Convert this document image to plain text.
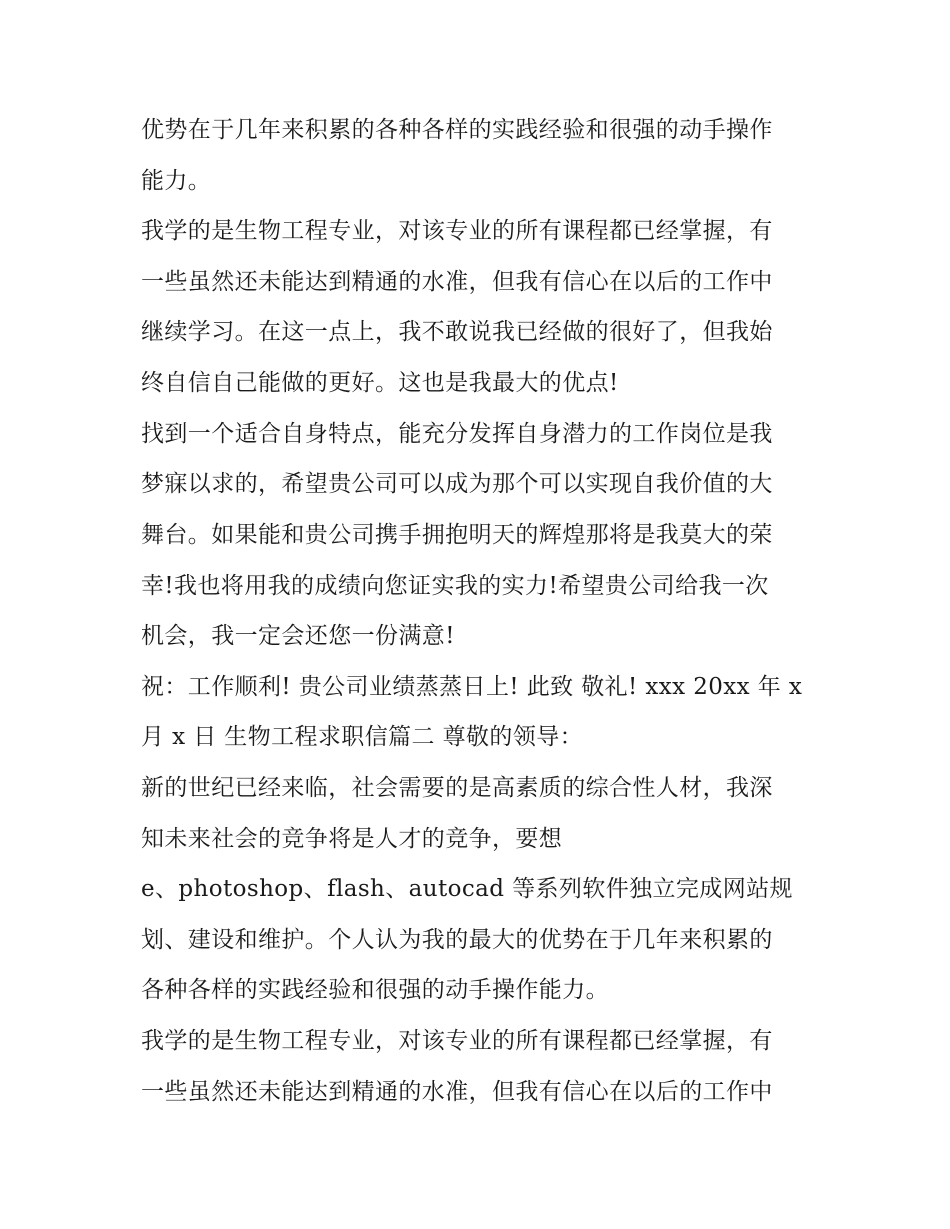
优势在于几年来积累的各种各样的实践经验和很强的动手操作
能力。
我学的是生物工程专业，对该专业的所有课程都已经掌握，有
一些虽然还未能达到精通的水准，但我有信心在以后的工作中
继续学习。在这一点上，我不敢说我已经做的很好了，但我始
终自信自己能做的更好。这也是我最大的优点!
找到一个适合自身特点，能充分发挥自身潜力的工作岗位是我
梦寐以求的，希望贵公司可以成为那个可以实现自我价值的大
舞台。如果能和贵公司携手拥抱明天的辉煌那将是我莫大的荣
幸!我也将用我的成绩向您证实我的实力!希望贵公司给我一次
机会，我一定会还您一份满意!
祝：工作顺利! 贵公司业绩蒸蒸日上! 此致 敬礼! xxx 20xx 年 x
月 x 日 生物工程求职信篇二 尊敬的领导：
新的世纪已经来临，社会需要的是高素质的综合性人材，我深
知未来社会的竞争将是人才的竞争，要想
e、photoshop、flash、autocad 等系列软件独立完成网站规
划、建设和维护。个人认为我的最大的优势在于几年来积累的
各种各样的实践经验和很强的动手操作能力。
我学的是生物工程专业，对该专业的所有课程都已经掌握，有
一些虽然还未能达到精通的水准，但我有信心在以后的工作中
